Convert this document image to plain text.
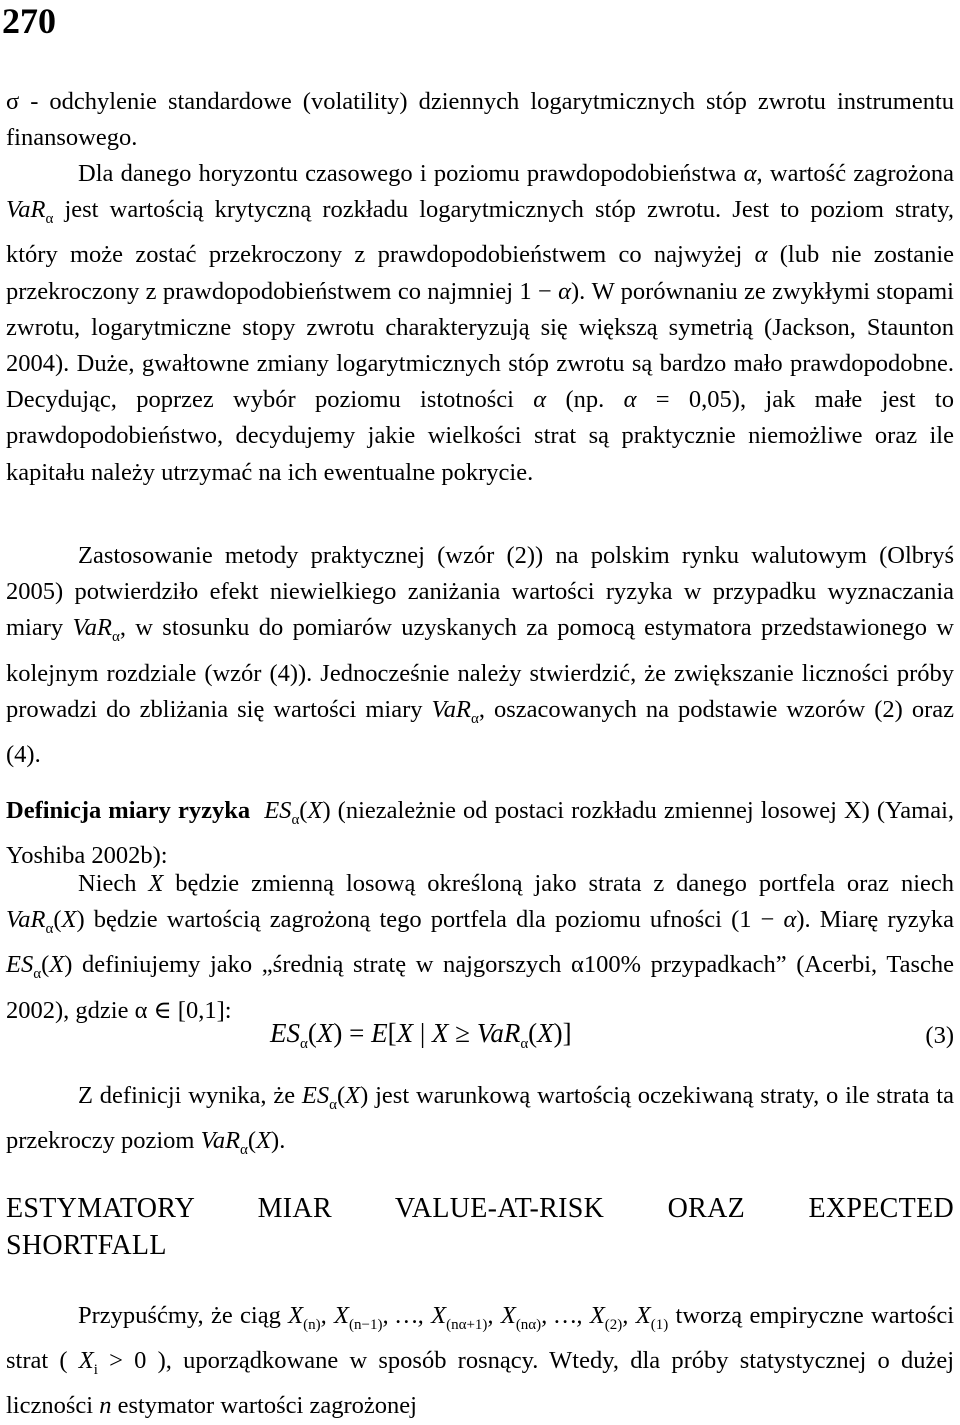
270
σ - odchylenie standardowe (volatility) dziennych logarytmicznych stóp zwrotu instrumentu finansowego.
Dla danego horyzontu czasowego i poziomu prawdopodobieństwa α, wartość zagrożona VaR$_\alpha$ jest wartością krytyczną rozkładu logarytmicznych stóp zwrotu. Jest to poziom straty, który może zostać przekroczony z prawdopodobieństwem co najwyżej α (lub nie zostanie przekroczony z prawdopodobieństwem co najmniej 1 − α). W porównaniu ze zwykłymi stopami zwrotu, logarytmiczne stopy zwrotu charakteryzują się większą symetrią (Jackson, Staunton 2004). Duże, gwałtowne zmiany logarytmicznych stóp zwrotu są bardzo mało prawdopodobne. Decydując, poprzez wybór poziomu istotności α (np. α = 0,05), jak małe jest to prawdopodobieństwo, decydujemy jakie wielkości strat są praktycznie niemożliwe oraz ile kapitału należy utrzymać na ich ewentualne pokrycie.
Zastosowanie metody praktycznej (wzór (2)) na polskim rynku walutowym (Olbryś 2005) potwierdziło efekt niewielkiego zaniżania wartości ryzyka w przypadku wyznaczania miary VaR$_\alpha$, w stosunku do pomiarów uzyskanych za pomocą estymatora przedstawionego w kolejnym rozdziale (wzór (4)). Jednocześnie należy stwierdzić, że zwiększanie liczności próby prowadzi do zbliżania się wartości miary VaR$_\alpha$, oszacowanych na podstawie wzorów (2) oraz (4).
Definicja miary ryzyka $ES_\alpha(X)$ (niezależnie od postaci rozkładu zmiennej losowej X) (Yamai, Yoshiba 2002b):
Niech X będzie zmienną losową określoną jako strata z danego portfela oraz niech VaR$_\alpha$(X) będzie wartością zagrożoną tego portfela dla poziomu ufności (1 − α). Miarę ryzyka $ES_\alpha(X)$ definiujemy jako „średnią stratę w najgorszych α100% przypadkach” (Acerbi, Tasche 2002), gdzie α ∈ [0,1]:
$ES_\alpha(X) = E[X$ | X ≥ VaR$_\alpha$(X)]	(3)
Z definicji wynika, że $ES_\alpha(X)$ jest warunkową wartością oczekiwaną straty, o ile strata ta przekroczy poziom VaR$_\alpha$(X).
ESTYMATORY MIAR VALUE-AT-RISK ORAZ EXPECTED
SHORTFALL
Przypuśćmy, że ciąg $X_{(n)}$, $X_{(n-1)}$, …, $X_{(n\alpha+1)}$, $X_{(n\alpha)}$, …, $X_{(2)}$, $X_{(1)}$ tworzą empiryczne wartości strat ( $X_i > 0$ ), uporządkowane w sposób rosnący. Wtedy, dla próby statystycznej o dużej liczności n estymator wartości zagrożonej
